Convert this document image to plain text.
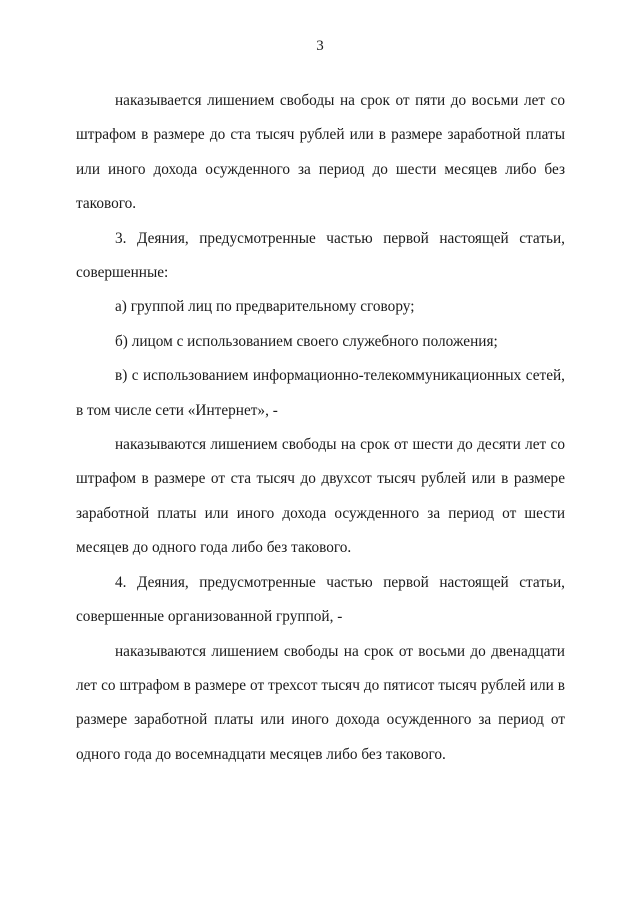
3

наказывается лишением свободы на срок от пяти до восьми лет со штрафом в размере до ста тысяч рублей или в размере заработной платы или иного дохода осужденного за период до шести месяцев либо без такового.

3. Деяния, предусмотренные частью первой настоящей статьи, совершенные:

а) группой лиц по предварительному сговору;

б) лицом с использованием своего служебного положения;

в) с использованием информационно-телекоммуникационных сетей, в том числе сети «Интернет», -

наказываются лишением свободы на срок от шести до десяти лет со штрафом в размере от ста тысяч до двухсот тысяч рублей или в размере заработной платы или иного дохода осужденного за период от шести месяцев до одного года либо без такового.

4. Деяния, предусмотренные частью первой настоящей статьи, совершенные организованной группой, -

наказываются лишением свободы на срок от восьми до двенадцати лет со штрафом в размере от трехсот тысяч до пятисот тысяч рублей или в размере заработной платы или иного дохода осужденного за период от одного года до восемнадцати месяцев либо без такового.
